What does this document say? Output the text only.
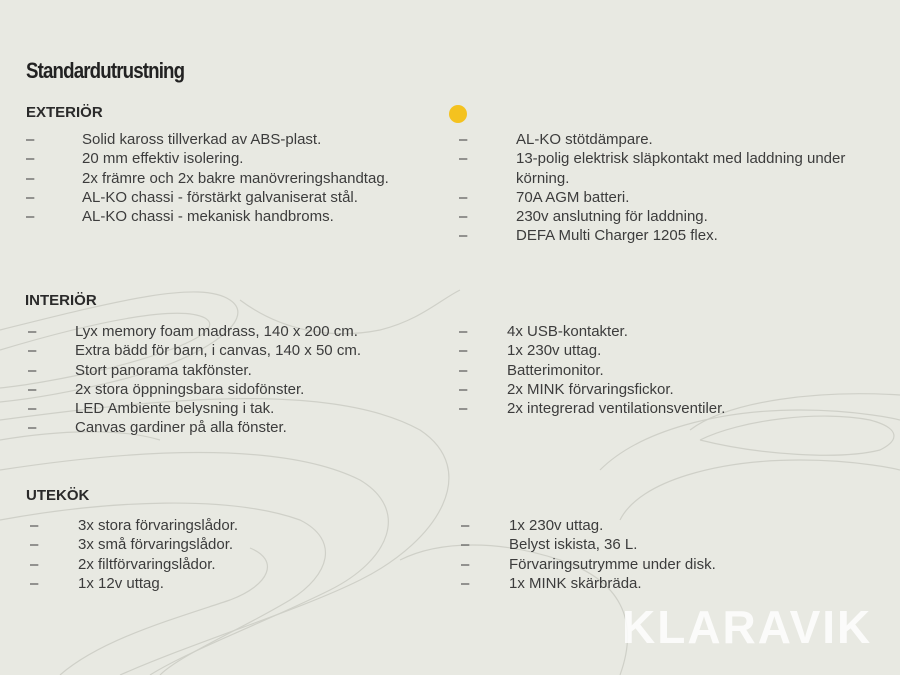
Standardutrustning
EXTERIÖR
–	Solid kaross tillverkad av ABS-plast.
–	20 mm effektiv isolering.
–	2x främre och 2x bakre manövreringshandtag.
–	AL-KO chassi - förstärkt galvaniserat stål.
–	AL-KO chassi - mekanisk handbroms.
–	AL-KO stötdämpare.
–	13-polig elektrisk släpkontakt med laddning under körning.
–	70A AGM batteri.
–	230v anslutning för laddning.
–	DEFA Multi Charger 1205 flex.
INTERIÖR
–	Lyx memory foam madrass, 140 x 200 cm.
–	Extra bädd för barn, i canvas, 140 x 50 cm.
–	Stort panorama takfönster.
–	2x stora öppningsbara sidofönster.
–	LED Ambiente belysning i tak.
–	Canvas gardiner på alla fönster.
–	4x USB-kontakter.
–	1x 230v uttag.
–	Batterimonitor.
–	2x MINK förvaringsfickor.
–	2x integrerad ventilationsventiler.
UTEKÖK
–	3x stora förvaringslådor.
–	3x små förvaringslådor.
–	2x filtförvaringslådor.
–	1x 12v uttag.
–	1x 230v uttag.
–	Belyst iskista, 36 L.
–	Förvaringsutrymme under disk.
–	1x MINK skärbräda.
KLARAVIK
